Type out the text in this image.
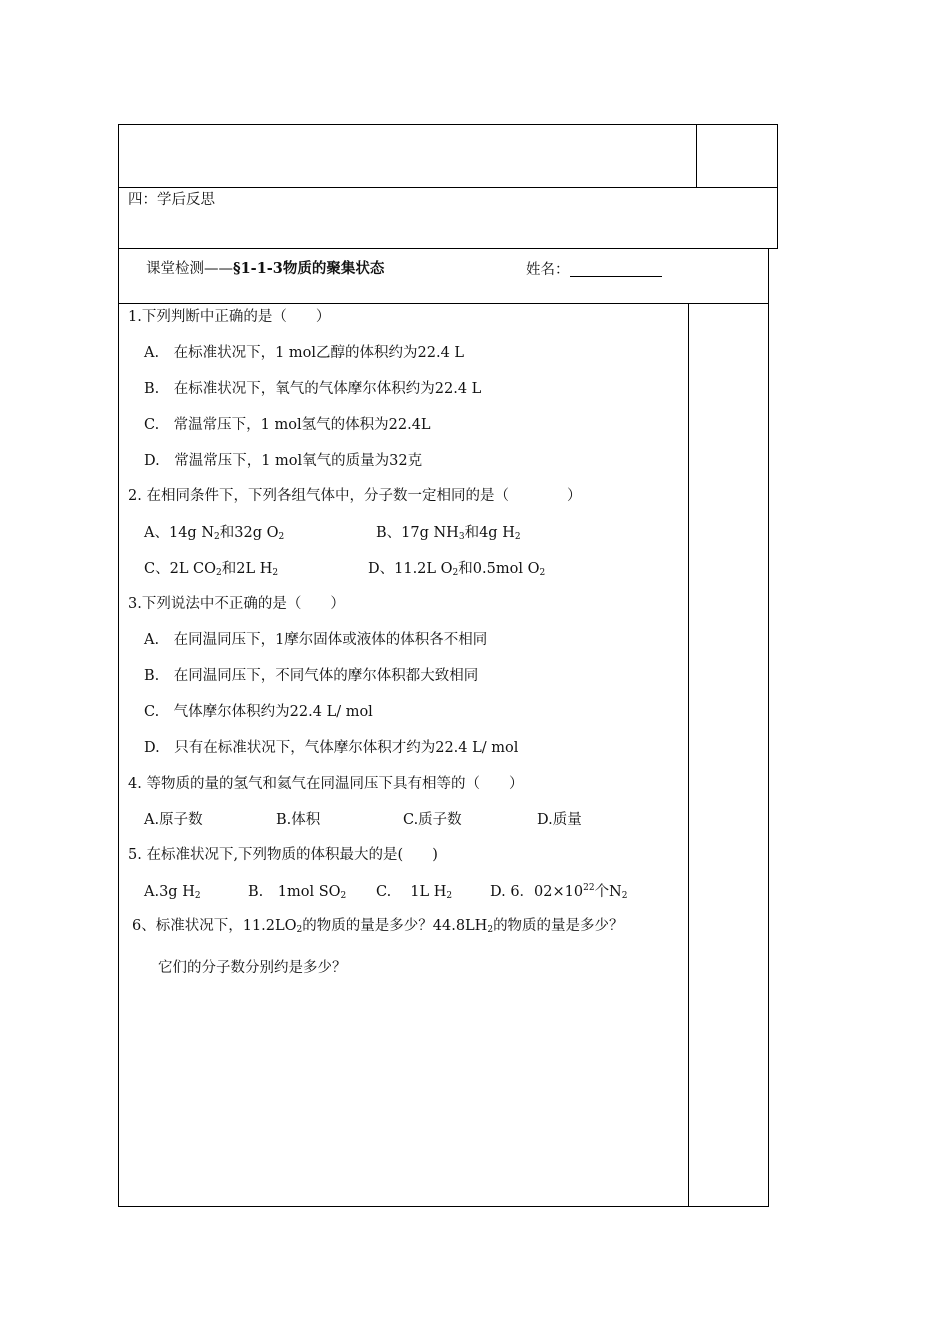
四：学后反思
课堂检测——§1-1-3物质的聚集状态	姓名：
1.下列判断中正确的是（　　）
A.　在标准状况下，1 mol乙醇的体积约为22.4 L
B.　在标准状况下，氧气的气体摩尔体积约为22.4 L
C.　常温常压下，1 mol氢气的体积为22.4L
D.　常温常压下，1 mol氧气的质量为32克
2. 在相同条件下，下列各组气体中，分子数一定相同的是（　　　　）
A、14g $N_2$和32g $O_2$	B、17g $NH_3$和4g $H_2$
C、2L $CO_2$和2L $H_2$	D、11.2L $O_2$和0.5mol $O_2$
3.下列说法中不正确的是（　　）
A.　在同温同压下，1摩尔固体或液体的体积各不相同
B.　在同温同压下，不同气体的摩尔体积都大致相同
C.　气体摩尔体积约为22.4 L/ mol
D.　只有在标准状况下，气体摩尔体积才约为22.4 L/ mol
4. 等物质的量的氢气和氦气在同温同压下具有相等的（　　）
A.原子数	B.体积	C.质子数	D.质量
5. 在标准状况下,下列物质的体积最大的是(　　)
A.3g $H_2$	B.　1mol $SO_2$ C.　 1L $H_2$	D. 6．$02\times 10^{22}$个$N_2$
6、标准状况下，$11.2LO_2$的物质的量是多少？$44.8LH_2$的物质的量是多少？
它们的分子数分别约是多少？
